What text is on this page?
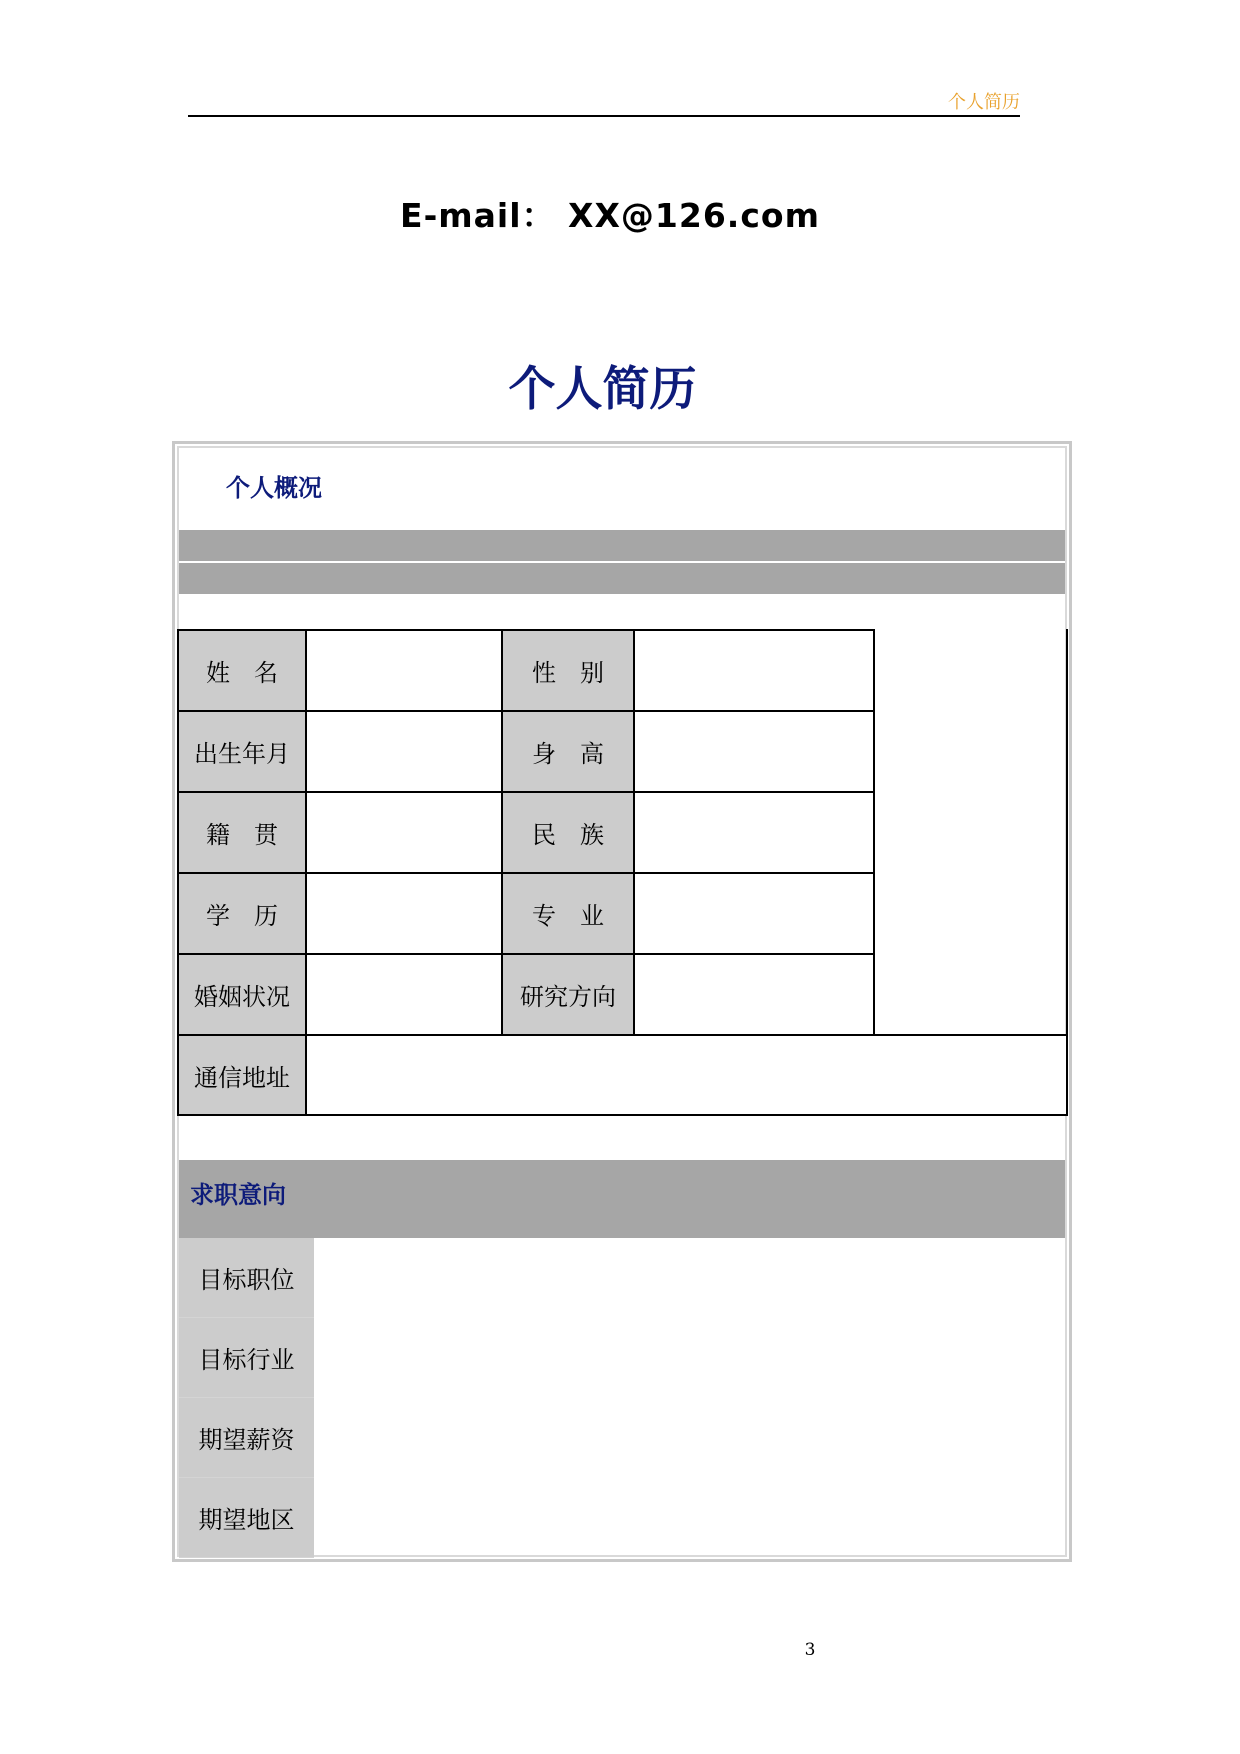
个人简历
E-mail： XX@126.com
个人简历
个人概况
姓　名	性　别
出生年月	身　高
籍　贯	民　族
学　历	专　业
婚姻状况	研究方向
通信地址
求职意向
目标职位
目标行业
期望薪资
期望地区
3
